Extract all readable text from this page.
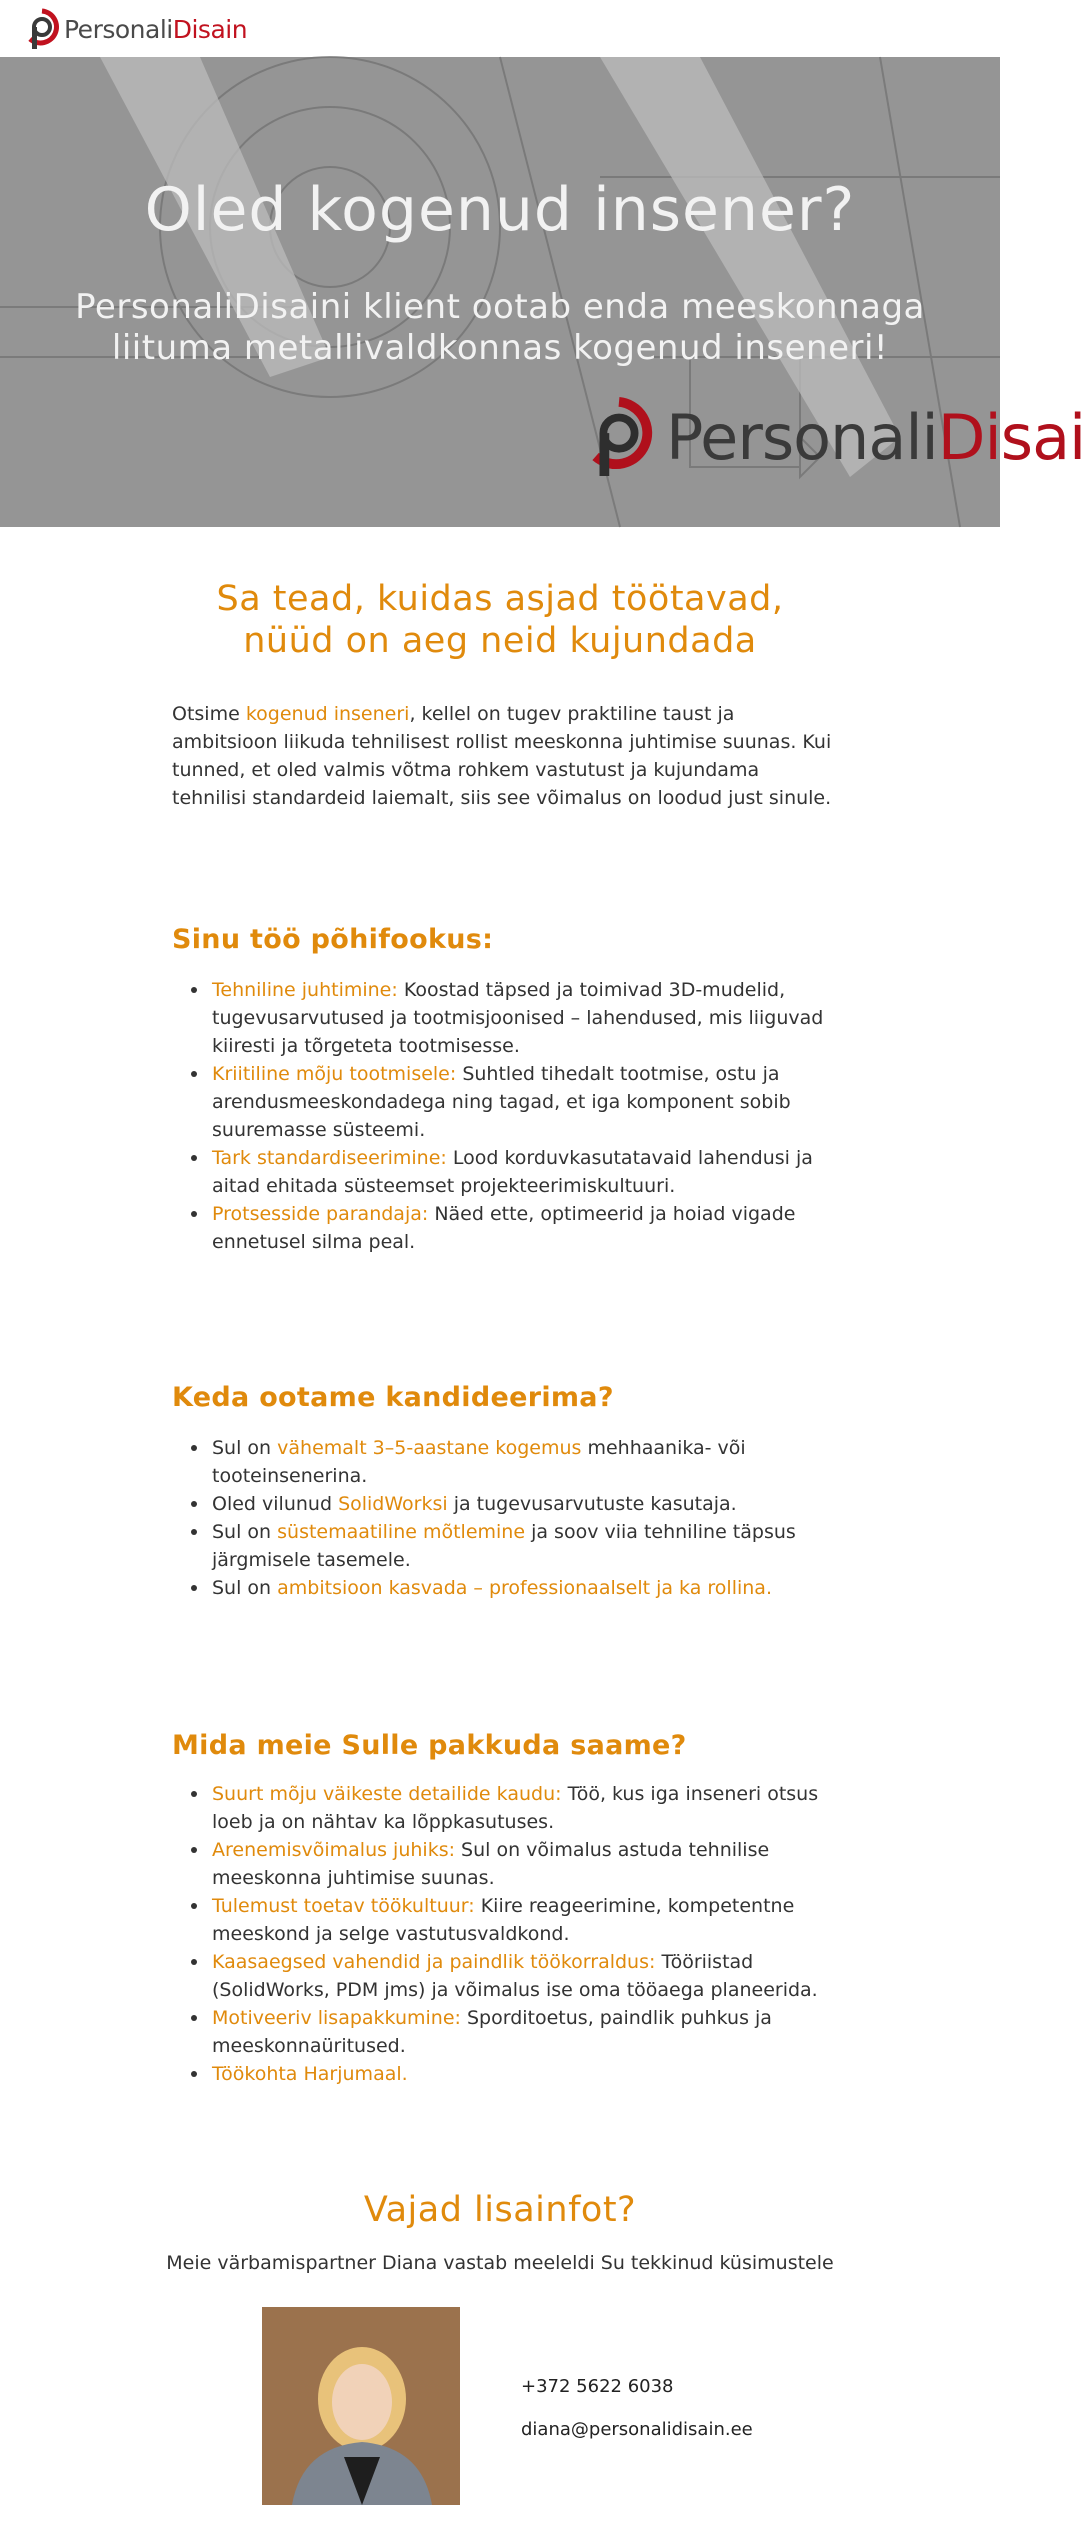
PersonaliDisain
Oled kogenud insener?
PersonaliDisaini klient ootab enda meeskonnaga liituma metallivaldkonnas kogenud inseneri!
PersonaliDisai
Sa tead, kuidas asjad töötavad,
nüüd on aeg neid kujundada

Otsime kogenud inseneri, kellel on tugev praktiline taust ja ambitsioon liikuda tehnilisest rollist meeskonna juhtimise suunas. Kui tunned, et oled valmis võtma rohkem vastutust ja kujundama tehnilisi standardeid laiemalt, siis see võimalus on loodud just sinule.

Sinu töö põhifookus:
Tehniline juhtimine: Koostad täpsed ja toimivad 3D-mudelid, tugevusarvutused ja tootmisjoonised – lahendused, mis liiguvad kiiresti ja tõrgeteta tootmisesse.
Kriitiline mõju tootmisele: Suhtled tihedalt tootmise, ostu ja arendusmeeskondadega ning tagad, et iga komponent sobib suuremasse süsteemi.
Tark standardiseerimine: Lood korduvkasutatavaid lahendusi ja aitad ehitada süsteemset projekteerimiskultuuri.
Protsesside parandaja: Näed ette, optimeerid ja hoiad vigade ennetusel silma peal.
Keda ootame kandideerima?
Sul on vähemalt 3–5-aastane kogemus mehhaanika- või tooteinsenerina.
Oled vilunud SolidWorksi ja tugevusarvutuste kasutaja.
Sul on süstemaatiline mõtlemine ja soov viia tehniline täpsus järgmisele tasemele.
Sul on ambitsioon kasvada – professionaalselt ja ka rollina.
Mida meie Sulle pakkuda saame?
Suurt mõju väikeste detailide kaudu: Töö, kus iga inseneri otsus loeb ja on nähtav ka lõppkasutuses.
Arenemisvõimalus juhiks: Sul on võimalus astuda tehnilise meeskonna juhtimise suunas.
Tulemust toetav töökultuur: Kiire reageerimine, kompetentne meeskond ja selge vastutusvaldkond.
Kaasaegsed vahendid ja paindlik töökorraldus: Tööriistad (SolidWorks, PDM jms) ja võimalus ise oma tööaega planeerida.
Motiveeriv lisapakkumine: Sporditoetus, paindlik puhkus ja meeskonnaüritused.
Töökohta Harjumaal.
Vajad lisainfot?
Meie värbamispartner Diana vastab meeleldi Su tekkinud küsimustele
+372 5622 6038
diana@personalidisain.ee
